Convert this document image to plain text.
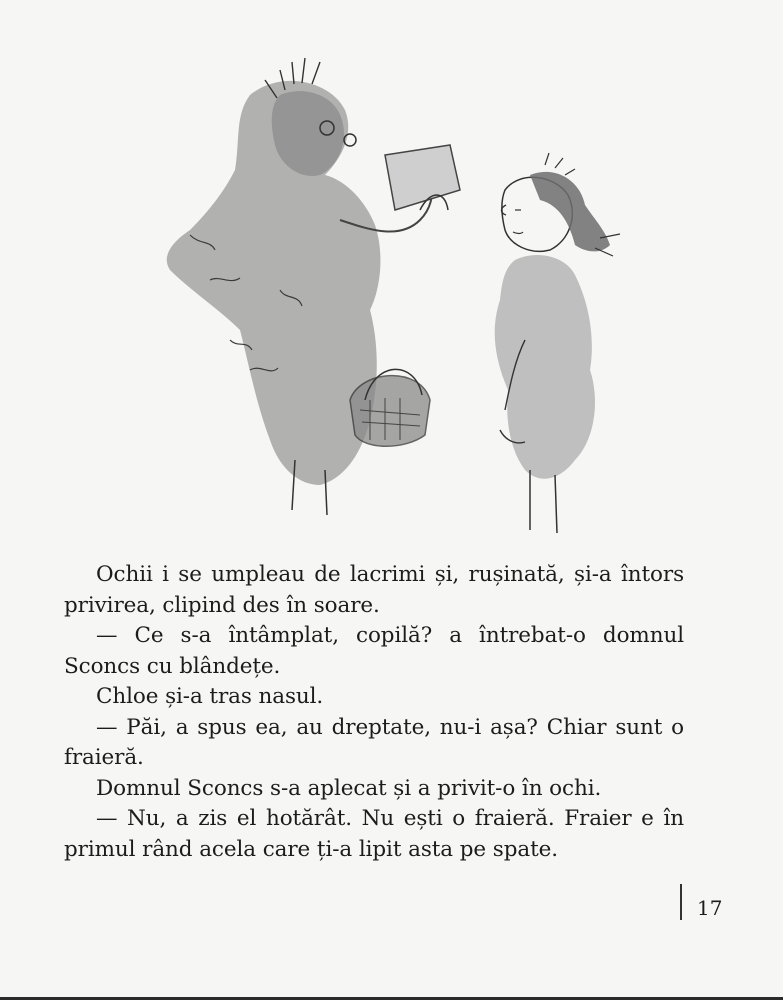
Ochii i se umpleau de lacrimi și, rușinată, și-a întors privirea, clipind des în soare.

— Ce s-a întâmplat, copilă? a întrebat-o domnul Sconcs cu blândețe.

Chloe și-a tras nasul.

— Păi, a spus ea, au dreptate, nu-i așa? Chiar sunt o fraieră.

Domnul Sconcs s-a aplecat și a privit-o în ochi.

— Nu, a zis el hotărât. Nu ești o fraieră. Fraier e în primul rând acela care ți-a lipit asta pe spate.

17
